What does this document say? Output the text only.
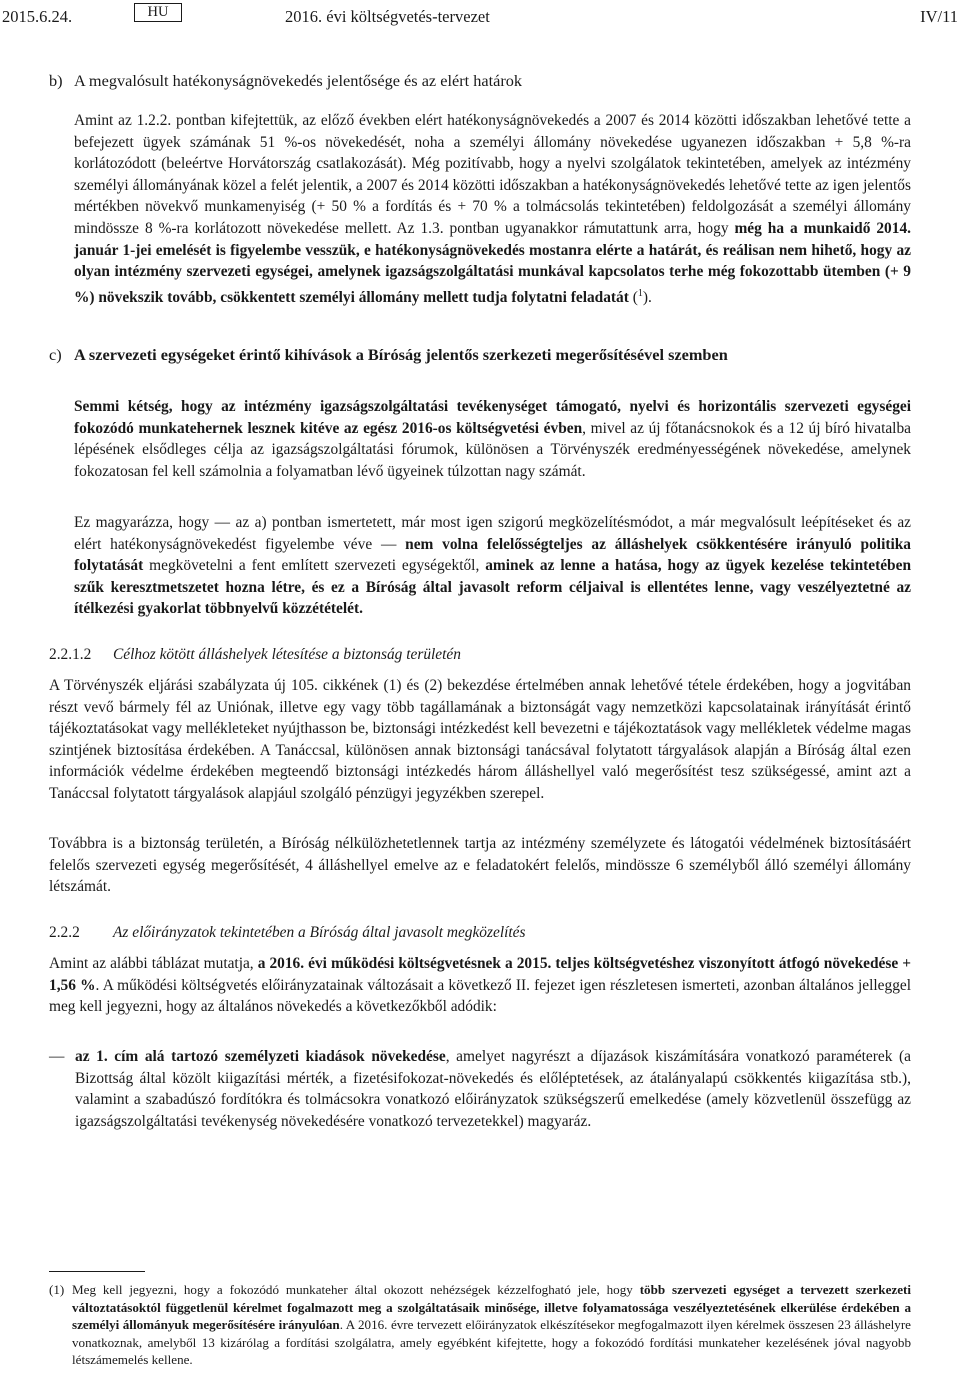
2015.6.24.	HU	2016. évi költségvetés-tervezet	IV/11

b) A megvalósult hatékonyságnövekedés jelentősége és az elért határok

Amint az 1.2.2. pontban kifejtettük, az előző években elért hatékonyságnövekedés a 2007 és 2014 közötti időszakban lehetővé tette a befejezett ügyek számának 51 %-os növekedését, noha a személyi állomány növekedése ugyanezen időszakban + 5,8 %-ra korlátozódott (beleértve Horvátország csatlakozását). Még pozitívabb, hogy a nyelvi szolgálatok tekintetében, amelyek az intézmény személyi állományának közel a felét jelentik, a 2007 és 2014 közötti időszakban a hatékonyságnövekedés lehetővé tette az igen jelentős mértékben növekvő munkamenyiség (+ 50 % a fordítás és + 70 % a tolmácsolás tekintetében) feldolgozását a személyi állomány mindössze 8 %-ra korlátozott növekedése mellett. Az 1.3. pontban ugyanakkor rámutattunk arra, hogy még ha a munkaidő 2014. január 1-jei emelését is figyelembe vesszük, e hatékonyságnövekedés mostanra elérte a határát, és reálisan nem hihető, hogy az olyan intézmény szervezeti egységei, amelynek igazságszolgáltatási munkával kapcsolatos terhe még fokozottabb ütemben (+ 9 %) növekszik tovább, csökkentett személyi állomány mellett tudja folytatni feladatát ($^1$).

c) A szervezeti egységeket érintő kihívások a Bíróság jelentős szerkezeti megerősítésével szemben

Semmi kétség, hogy az intézmény igazságszolgáltatási tevékenységet támogató, nyelvi és horizontális szervezeti egységei fokozódó munkatehernek lesznek kitéve az egész 2016-os költségvetési évben, mivel az új főtanácsnokok és a 12 új bíró hivatalba lépésének elsődleges célja az igazságszolgáltatási fórumok, különösen a Törvényszék eredményességének növekedése, amelynek fokozatosan fel kell számolnia a folyamatban lévő ügyeinek túlzottan nagy számát.

Ez magyarázza, hogy — az a) pontban ismertetett, már most igen szigorú megközelítésmódot, a már megvalósult leépítéseket és az elért hatékonyságnövekedést figyelembe véve — nem volna felelősségteljes az álláshelyek csökkentésére irányuló politika folytatását megkövetelni a fent említett szervezeti egységektől, aminek az lenne a hatása, hogy az ügyek kezelése tekintetében szűk keresztmetszetet hozna létre, és ez a Bíróság által javasolt reform céljaival is ellentétes lenne, vagy veszélyeztetné az ítélkezési gyakorlat többnyelvű közzétételét.

2.2.1.2 Célhoz kötött álláshelyek létesítése a biztonság területén

A Törvényszék eljárási szabályzata új 105. cikkének (1) és (2) bekezdése értelmében annak lehetővé tétele érdekében, hogy a jogvitában részt vevő bármely fél az Uniónak, illetve egy vagy több tagállamának a biztonságát vagy nemzetközi kapcsolatainak irányítását érintő tájékoztatásokat vagy mellékleteket nyújthasson be, biztonsági intézkedést kell bevezetni e tájékoztatások vagy mellékletek védelme magas szintjének biztosítása érdekében. A Tanáccsal, különösen annak biztonsági tanácsával folytatott tárgyalások alapján a Bíróság által ezen információk védelme érdekében megteendő biztonsági intézkedés három álláshellyel való megerősítést tesz szükségessé, amint azt a Tanáccsal folytatott tárgyalások alapjául szolgáló pénzügyi jegyzékben szerepel.

Továbbra is a biztonság területén, a Bíróság nélkülözhetetlennek tartja az intézmény személyzete és látogatói védelmének biztosításáért felelős szervezeti egység megerősítését, 4 álláshellyel emelve az e feladatokért felelős, mindössze 6 személyből álló személyi állomány létszámát.

2.2.2 Az előirányzatok tekintetében a Bíróság által javasolt megközelítés

Amint az alábbi táblázat mutatja, a 2016. évi működési költségvetésnek a 2015. teljes költségvetéshez viszonyított átfogó növekedése + 1,56 %. A működési költségvetés előirányzatainak változásait a következő II. fejezet igen részletesen ismerteti, azonban általános jelleggel meg kell jegyezni, hogy az általános növekedés a következőkből adódik:

— az 1. cím alá tartozó személyzeti kiadások növekedése, amelyet nagyrészt a díjazások kiszámítására vonatkozó paraméterek (a Bizottság által közölt kiigazítási mérték, a fizetésifokozat-növekedés és előléptetések, az átalányalapú csökkentés kiigazítása stb.), valamint a szabadúszó fordítókra és tolmácsokra vonatkozó előirányzatok szükségszerű emelkedése (amely közvetlenül összefügg az igazságszolgáltatási tevékenység növekedésére vonatkozó tervezetekkel) magyaráz.
(1) Meg kell jegyezni, hogy a fokozódó munkateher által okozott nehézségek kézzelfogható jele, hogy több szervezeti egységet a tervezett szerkezeti változtatásoktól függetlenül kérelmet fogalmazott meg a szolgáltatásaik minősége, illetve folyamatossága veszélyeztetésének elkerülése érdekében a személyi állományuk megerősítésére irányulóan. A 2016. évre tervezett előirányzatok elkészítésekor megfogalmazott ilyen kérelmek összesen 23 álláshelyre vonatkoznak, amelyből 13 kizárólag a fordítási szolgálatra, amely egyébként kifejtette, hogy a fokozódó fordítási munkateher kezelésének jóval nagyobb létszámemelés kellene.
